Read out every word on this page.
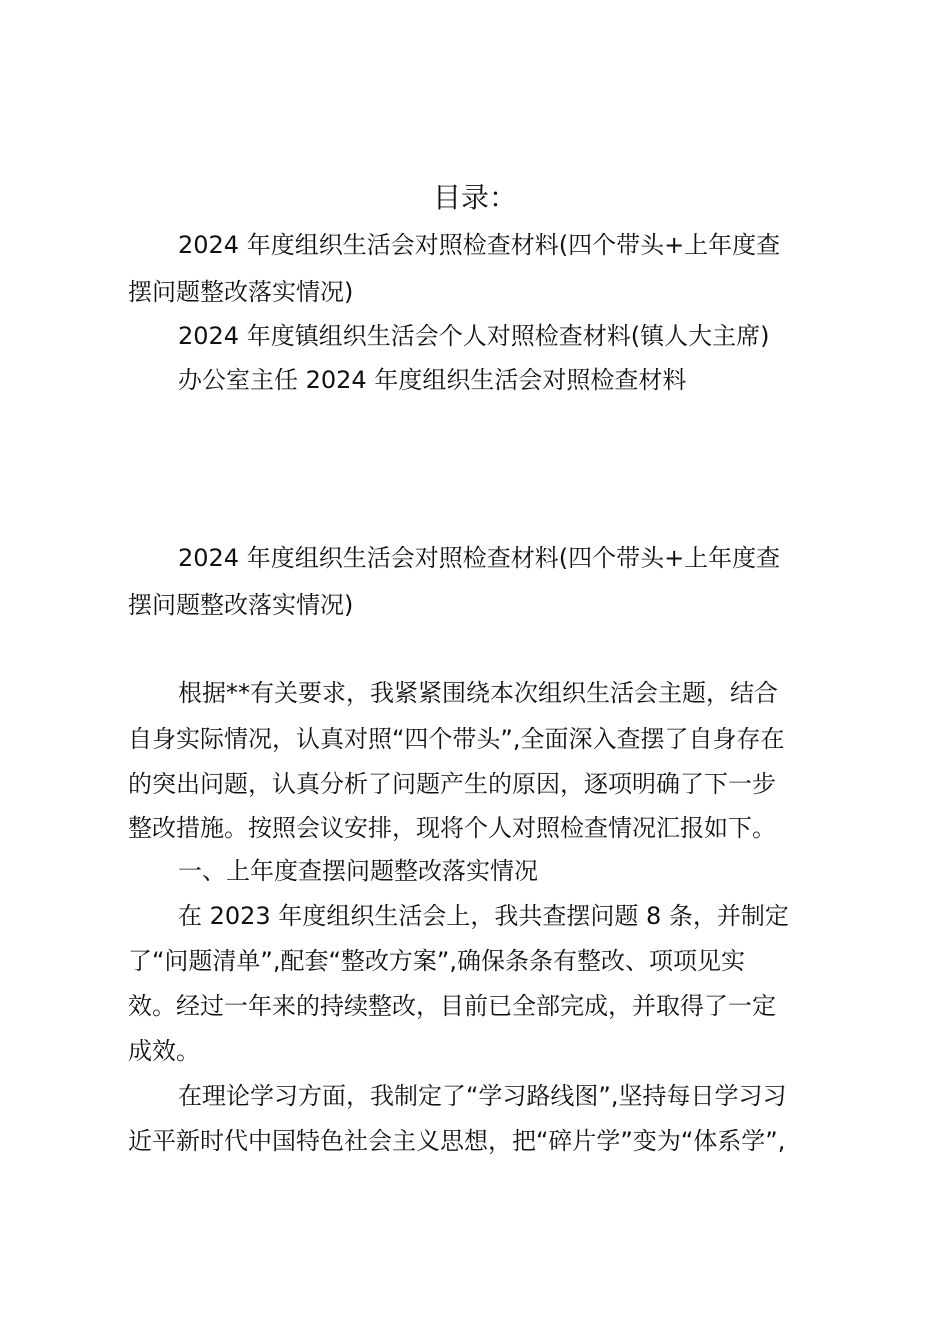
目录：
2024 年度组织生活会对照检查材料(四个带头+上年度查
摆问题整改落实情况)
2024 年度镇组织生活会个人对照检查材料(镇人大主席)
办公室主任 2024 年度组织生活会对照检查材料
2024 年度组织生活会对照检查材料(四个带头+上年度查
摆问题整改落实情况)
根据**有关要求，我紧紧围绕本次组织生活会主题，结合
自身实际情况，认真对照“四个带头”,全面深入查摆了自身存在
的突出问题，认真分析了问题产生的原因，逐项明确了下一步
整改措施。按照会议安排，现将个人对照检查情况汇报如下。
一、上年度查摆问题整改落实情况
在 2023 年度组织生活会上，我共查摆问题 8 条，并制定
了“问题清单”,配套“整改方案”,确保条条有整改、项项见实
效。经过一年来的持续整改，目前已全部完成，并取得了一定
成效。
在理论学习方面，我制定了“学习路线图”,坚持每日学习习
近平新时代中国特色社会主义思想，把“碎片学”变为“体系学”,
